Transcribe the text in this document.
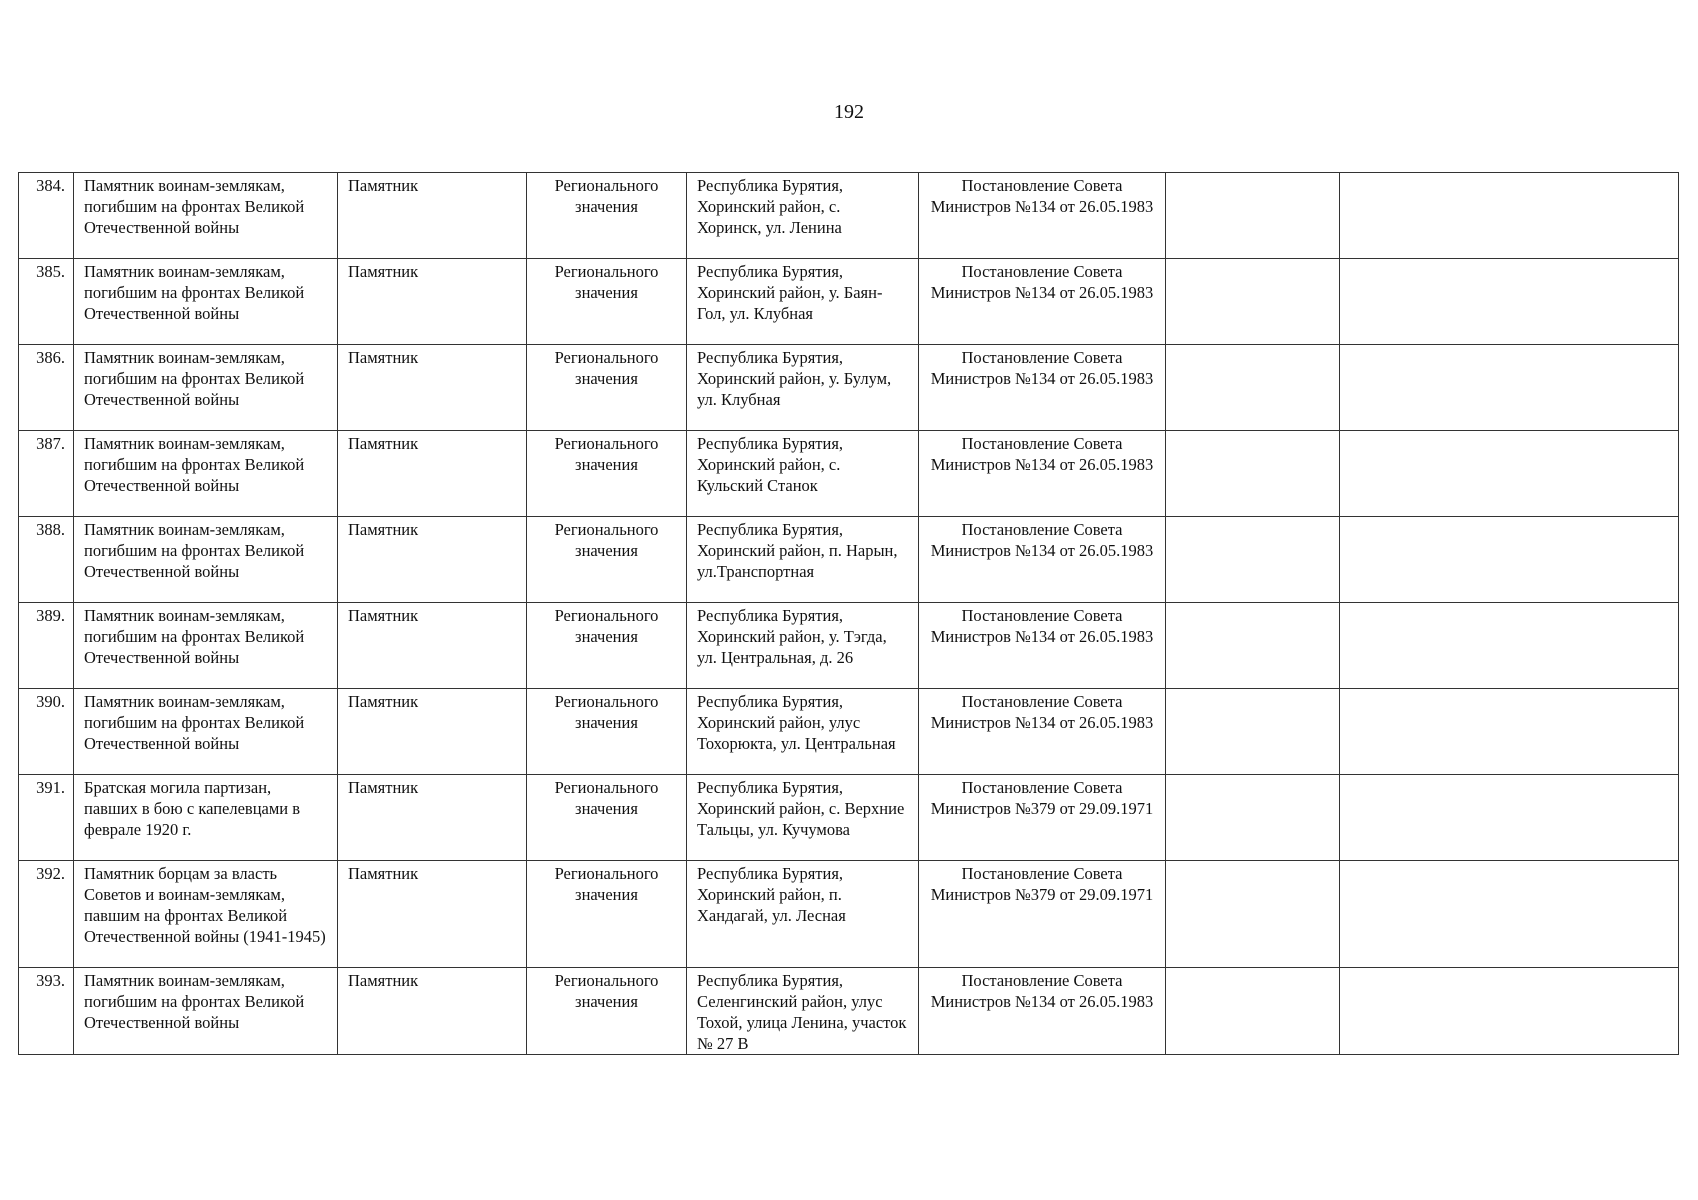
192
384.	Памятник воинам-землякам, погибшим на фронтах Великой Отечественной войны	Памятник	Регионального значения	Республика Бурятия, Хоринский район, с. Хоринск, ул. Ленина	Постановление Совета Министров №134 от 26.05.1983		
385.	Памятник воинам-землякам, погибшим на фронтах Великой Отечественной войны	Памятник	Регионального значения	Республика Бурятия, Хоринский район, у. Баян-Гол, ул. Клубная	Постановление Совета Министров №134 от 26.05.1983		
386.	Памятник воинам-землякам, погибшим на фронтах Великой Отечественной войны	Памятник	Регионального значения	Республика Бурятия, Хоринский район, у. Булум, ул. Клубная	Постановление Совета Министров №134 от 26.05.1983		
387.	Памятник воинам-землякам, погибшим на фронтах Великой Отечественной войны	Памятник	Регионального значения	Республика Бурятия, Хоринский район, с. Кульский Станок	Постановление Совета Министров №134 от 26.05.1983		
388.	Памятник воинам-землякам, погибшим на фронтах Великой Отечественной войны	Памятник	Регионального значения	Республика Бурятия, Хоринский район, п. Нарын, ул.Транспортная	Постановление Совета Министров №134 от 26.05.1983		
389.	Памятник воинам-землякам, погибшим на фронтах Великой Отечественной войны	Памятник	Регионального значения	Республика Бурятия, Хоринский район, у. Тэгда, ул. Центральная, д. 26	Постановление Совета Министров №134 от 26.05.1983		
390.	Памятник воинам-землякам, погибшим на фронтах Великой Отечественной войны	Памятник	Регионального значения	Республика Бурятия, Хоринский район, улус Тохорюкта, ул. Центральная	Постановление Совета Министров №134 от 26.05.1983		
391.	Братская могила партизан, павших в бою с капелевцами в феврале 1920 г.	Памятник	Регионального значения	Республика Бурятия, Хоринский район, с. Верхние Тальцы, ул. Кучумова	Постановление Совета Министров №379 от 29.09.1971		
392.	Памятник борцам за власть Советов и воинам-землякам, павшим на фронтах Великой Отечественной войны (1941-1945)	Памятник	Регионального значения	Республика Бурятия, Хоринский район, п. Хандагай, ул. Лесная	Постановление Совета Министров №379 от 29.09.1971		
393.	Памятник воинам-землякам, погибшим на фронтах Великой Отечественной войны	Памятник	Регионального значения	Республика Бурятия, Селенгинский район, улус Тохой, улица Ленина, участок № 27 В	Постановление Совета Министров №134 от 26.05.1983		
